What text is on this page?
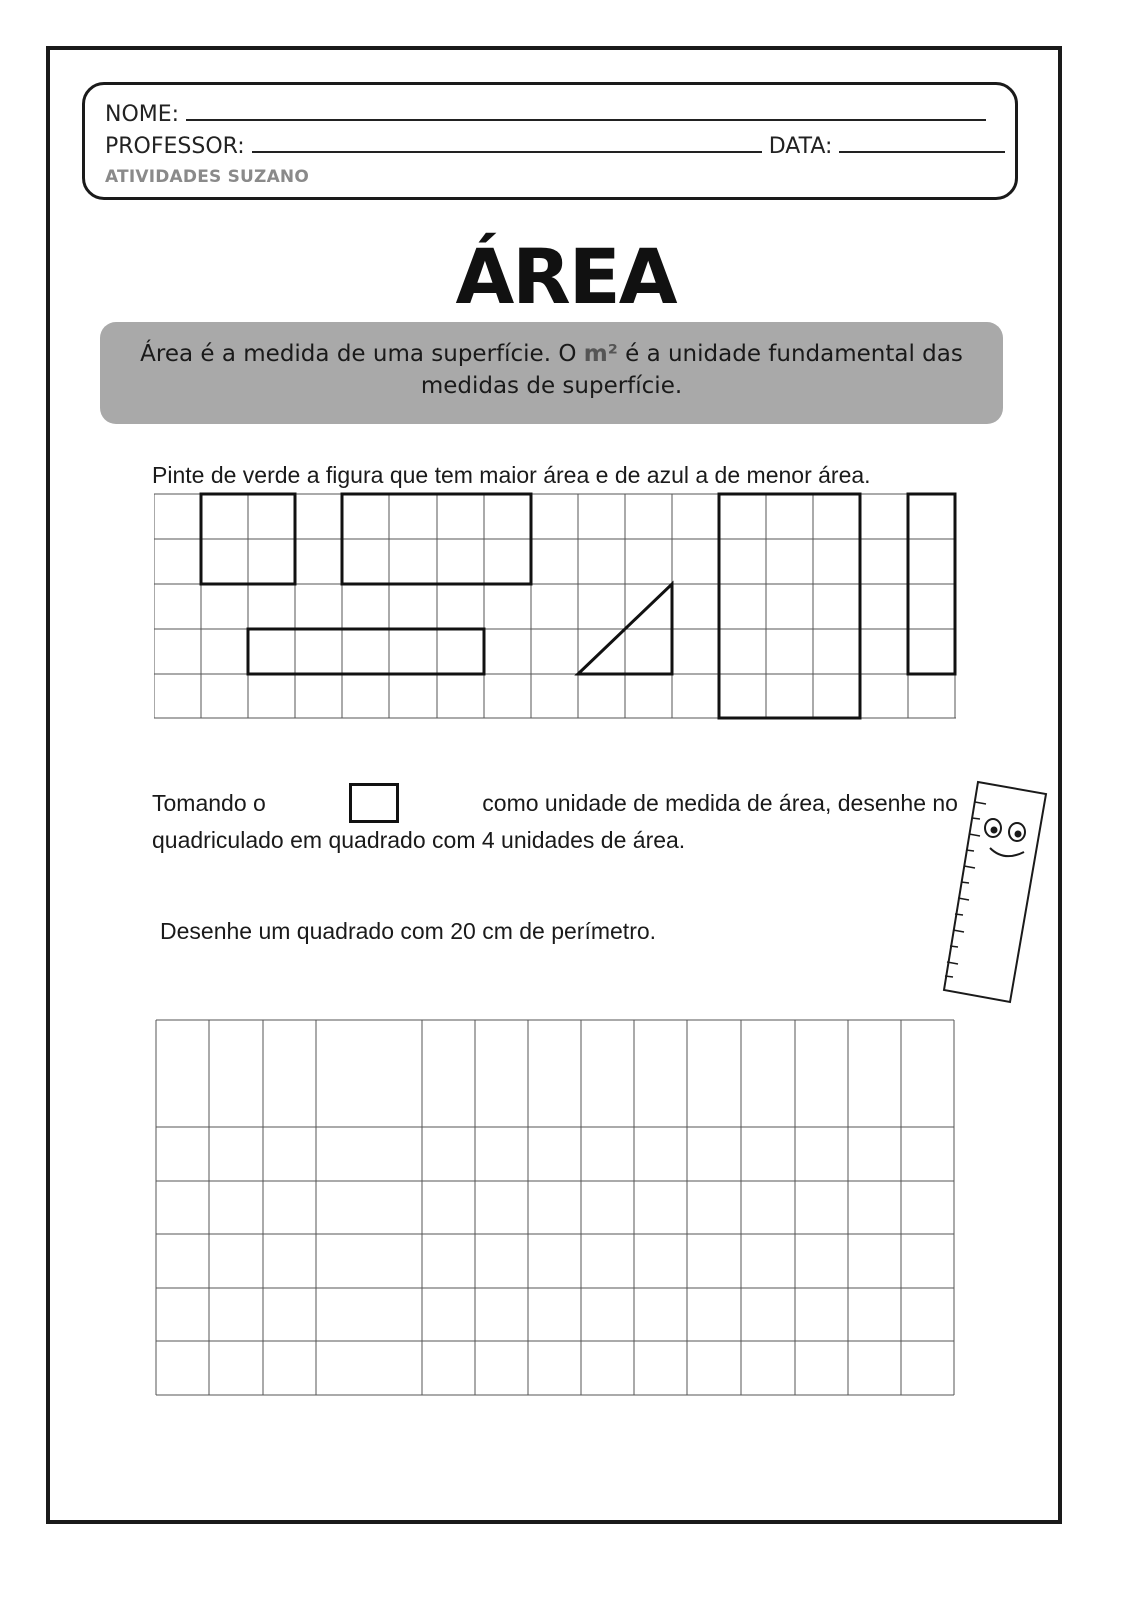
NOME:
PROFESSOR:	DATA:
ATIVIDADES SUZANO
ÁREA
Área é a medida de uma superfície. O m² é a unidade fundamental das medidas de superfície.
Pinte de verde a figura que tem maior área e de azul a de menor área.
Tomando o	como unidade de medida de área, desenhe no
quadriculado em quadrado com 4 unidades de área.
Desenhe um quadrado com 20 cm de perímetro.
